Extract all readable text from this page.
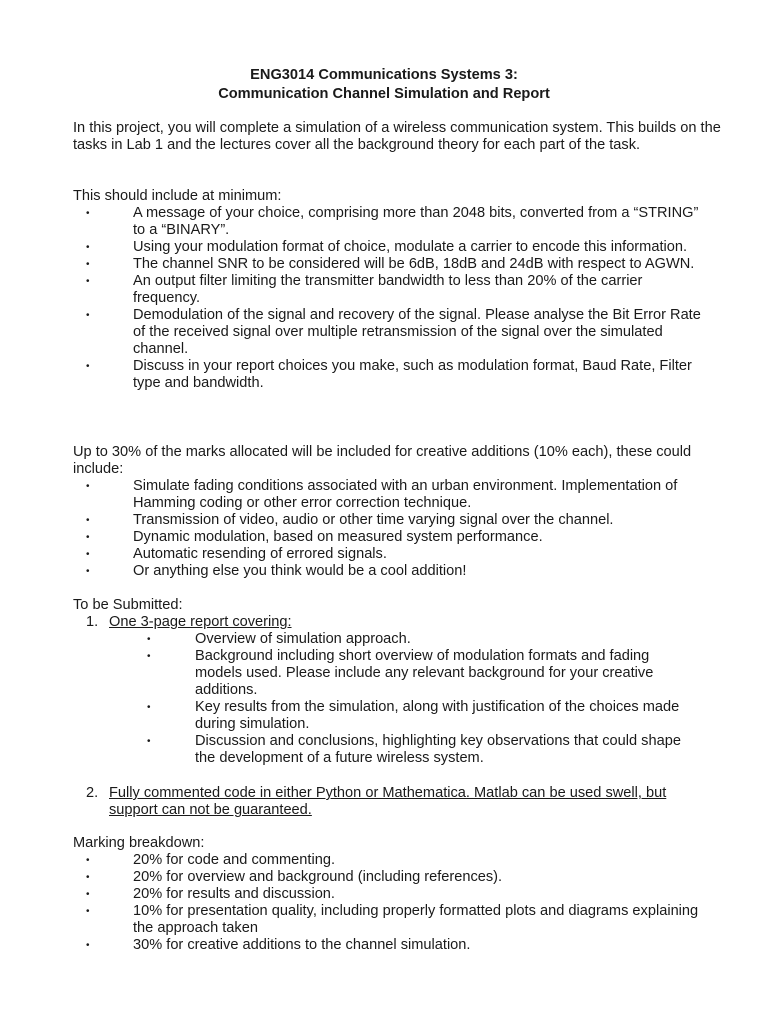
ENG3014 Communications Systems 3:
Communication Channel Simulation and Report
In this project, you will complete a simulation of a wireless communication system. This builds on the tasks in Lab 1 and the lectures cover all the background theory for each part of the task.
This should include at minimum:
•	A message of your choice, comprising more than 2048 bits, converted from a “STRING” to a “BINARY”.
•	Using your modulation format of choice, modulate a carrier to encode this information.
•	The channel SNR to be considered will be 6dB, 18dB and 24dB with respect to AGWN.
•	An output filter limiting the transmitter bandwidth to less than 20% of the carrier frequency.
•	Demodulation of the signal and recovery of the signal. Please analyse the Bit Error Rate of the received signal over multiple retransmission of the signal over the simulated channel.
•	Discuss in your report choices you make, such as modulation format, Baud Rate, Filter type and bandwidth.
Up to 30% of the marks allocated will be included for creative additions (10% each), these could include:
•	Simulate fading conditions associated with an urban environment. Implementation of Hamming coding or other error correction technique.
•	Transmission of video, audio or other time varying signal over the channel.
•	Dynamic modulation, based on measured system performance.
•	Automatic resending of errored signals.
•	Or anything else you think would be a cool addition!
To be Submitted:
1. One 3-page report covering:
•	Overview of simulation approach.
•	Background including short overview of modulation formats and fading models used. Please include any relevant background for your creative additions.
•	Key results from the simulation, along with justification of the choices made during simulation.
•	Discussion and conclusions, highlighting key observations that could shape the development of a future wireless system.
2. Fully commented code in either Python or Mathematica. Matlab can be used swell, but support can not be guaranteed.
Marking breakdown:
•	20% for code and commenting.
•	20% for overview and background (including references).
•	20% for results and discussion.
•	10% for presentation quality, including properly formatted plots and diagrams explaining the approach taken
•	30% for creative additions to the channel simulation.
